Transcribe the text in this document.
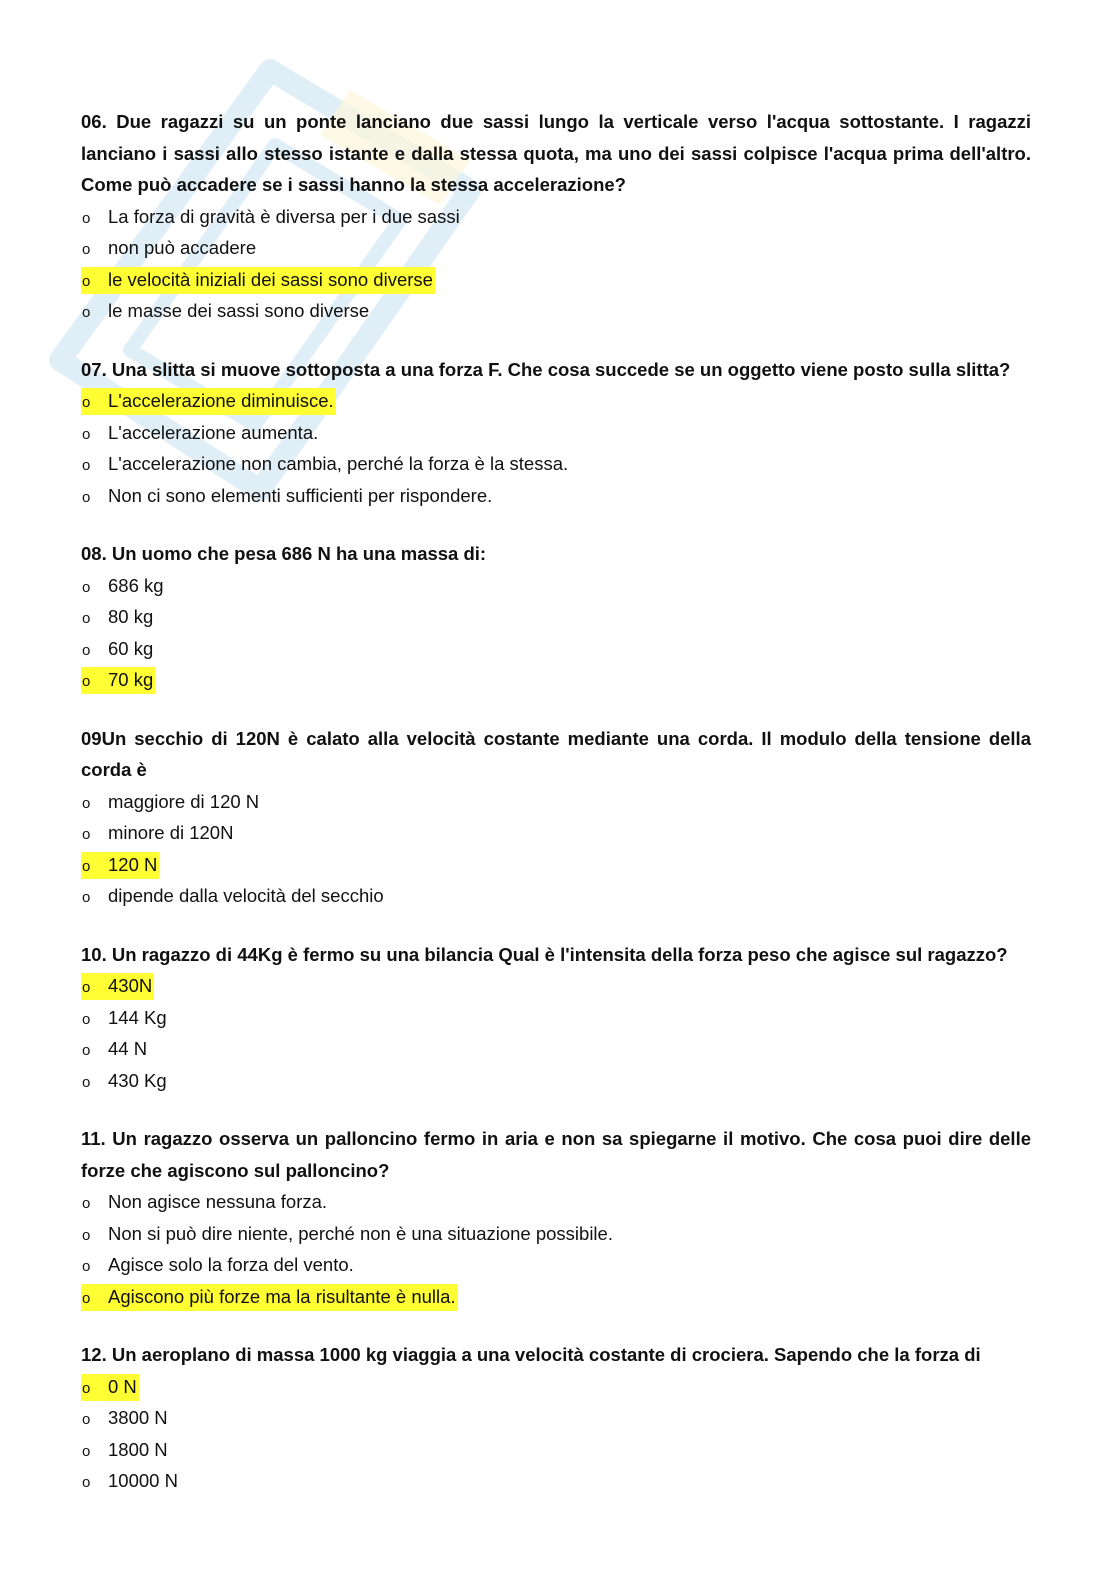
06. Due ragazzi su un ponte lanciano due sassi lungo la verticale verso l'acqua sottostante. I ragazzi lanciano i sassi allo stesso istante e dalla stessa quota, ma uno dei sassi colpisce l'acqua prima dell'altro. Come può accadere se i sassi hanno la stessa accelerazione?

o La forza di gravità è diversa per i due sassi
o non può accadere
o le velocità iniziali dei sassi sono diverse
o le masse dei sassi sono diverse

07. Una slitta si muove sottoposta a una forza F. Che cosa succede se un oggetto viene posto sulla slitta?

o L'accelerazione diminuisce.
o L'accelerazione aumenta.
o L'accelerazione non cambia, perché la forza è la stessa.
o Non ci sono elementi sufficienti per rispondere.

08. Un uomo che pesa 686 N ha una massa di:

o 686 kg
o 80 kg
o 60 kg
o 70 kg

09Un secchio di 120N è calato alla velocità costante mediante una corda. Il modulo della tensione della corda è

o maggiore di 120 N
o minore di 120N
o 120 N
o dipende dalla velocità del secchio

10. Un ragazzo di 44Kg è fermo su una bilancia Qual è l'intensita della forza peso che agisce sul ragazzo?

o 430N
o 144 Kg
o 44 N
o 430 Kg

11. Un ragazzo osserva un palloncino fermo in aria e non sa spiegarne il motivo. Che cosa puoi dire delle forze che agiscono sul palloncino?

o Non agisce nessuna forza.
o Non si può dire niente, perché non è una situazione possibile.
o Agisce solo la forza del vento.
o Agiscono più forze ma la risultante è nulla.

12. Un aeroplano di massa 1000 kg viaggia a una velocità costante di crociera. Sapendo che la forza di

o 0 N
o 3800 N
o 1800 N
o 10000 N
